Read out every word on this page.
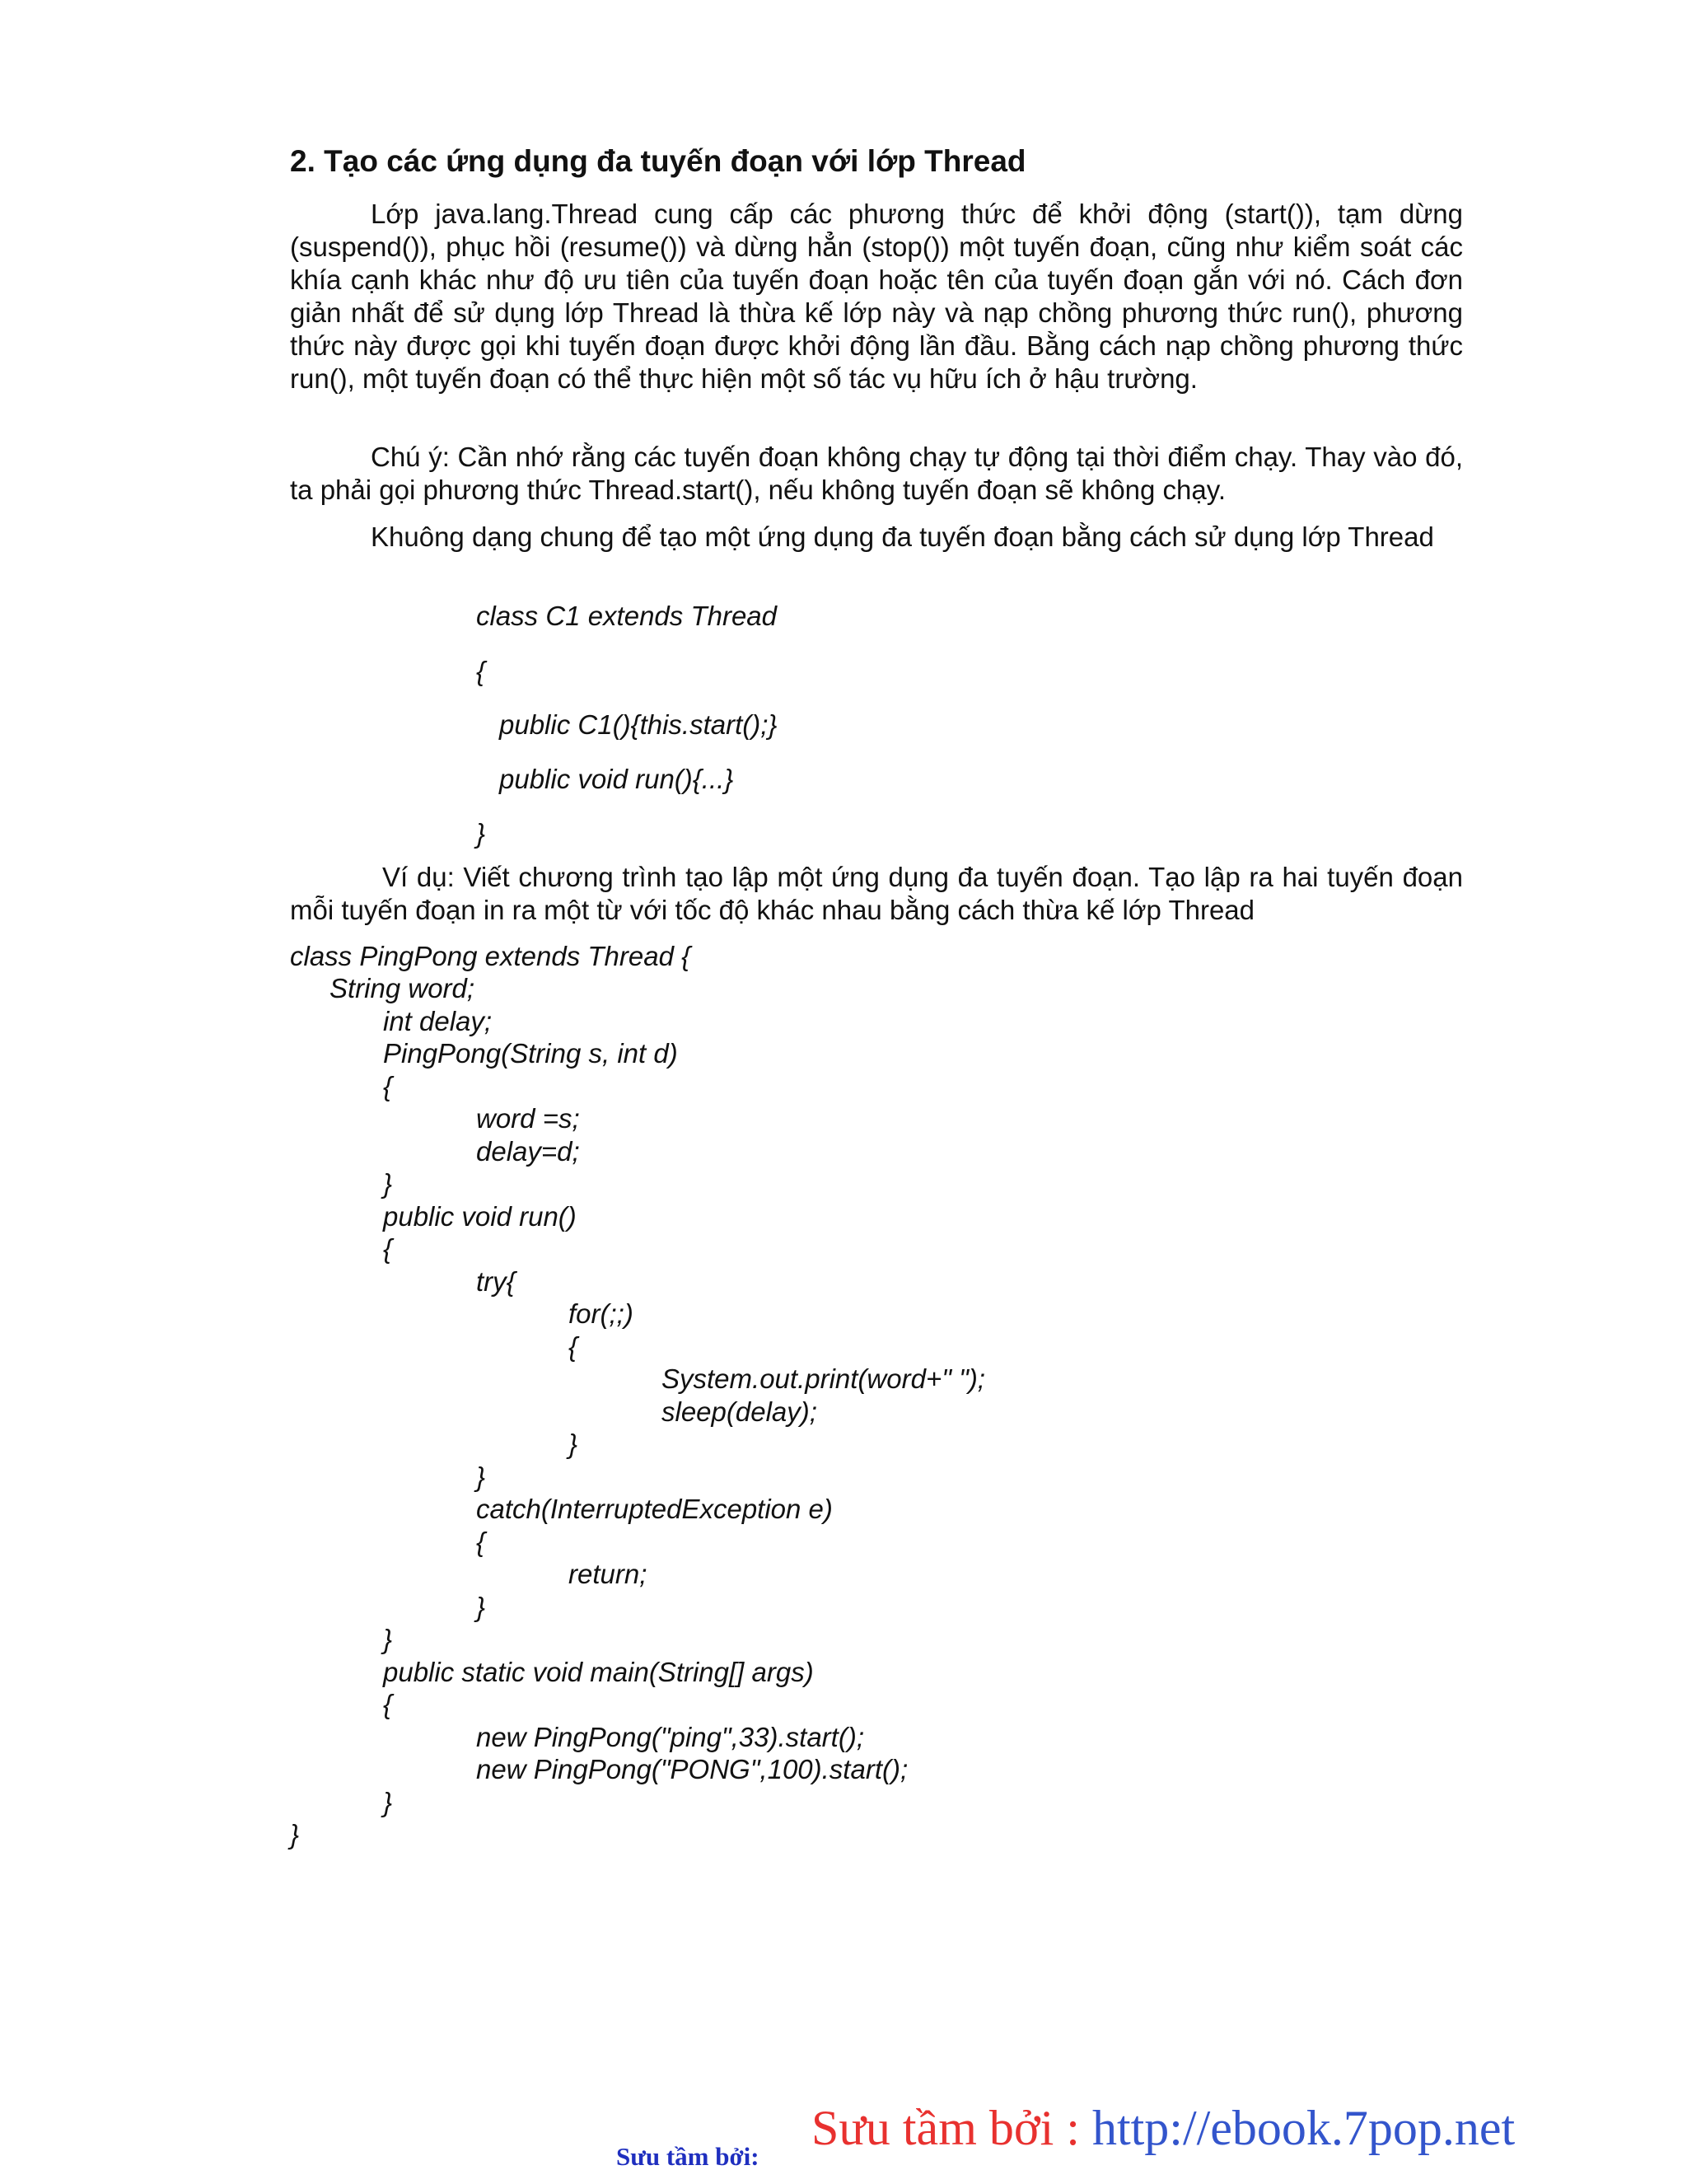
2. Tạo các ứng dụng đa tuyến đoạn với lớp Thread

Lớp java.lang.Thread cung cấp các phương thức để khởi động (start()), tạm dừng (suspend()), phục hồi (resume()) và dừng hẳn (stop()) một tuyến đoạn, cũng như kiểm soát các khía cạnh khác như độ ưu tiên của tuyến đoạn hoặc tên của tuyến đoạn gắn với nó. Cách đơn giản nhất để sử dụng lớp Thread là thừa kế lớp này và nạp chồng phương thức run(), phương thức này được gọi khi tuyến đoạn được khởi động lần đầu. Bằng cách nạp chồng phương thức run(), một tuyến đoạn có thể thực hiện một số tác vụ hữu ích ở hậu trường.

Chú ý: Cần nhớ rằng các tuyến đoạn không chạy tự động tại thời điểm chạy. Thay vào đó, ta phải gọi phương thức Thread.start(), nếu không tuyến đoạn sẽ không chạy.

Khuông dạng chung để tạo một ứng dụng đa tuyến đoạn bằng cách sử dụng lớp Thread

class C1 extends Thread
{
public C1(){this.start();}
public void run(){...}
}

Ví dụ: Viết chương trình tạo lập một ứng dụng đa tuyến đoạn. Tạo lập ra hai tuyến đoạn mỗi tuyến đoạn in ra một từ với tốc độ khác nhau bằng cách thừa kế lớp Thread

class PingPong extends Thread {
String word;
int delay;
PingPong(String s, int d)
{
word =s;
delay=d;
}
public void run()
{
try{
for(;;)
{
System.out.print(word+" ");
sleep(delay);
}
}
catch(InterruptedException e)
{
return;
}
}
public static void main(String[] args)
{
new PingPong("ping",33).start();
new PingPong("PONG",100).start();
}
}
Sưu tầm bởi:
Sưu tầm bởi : http://ebook.7pop.net
